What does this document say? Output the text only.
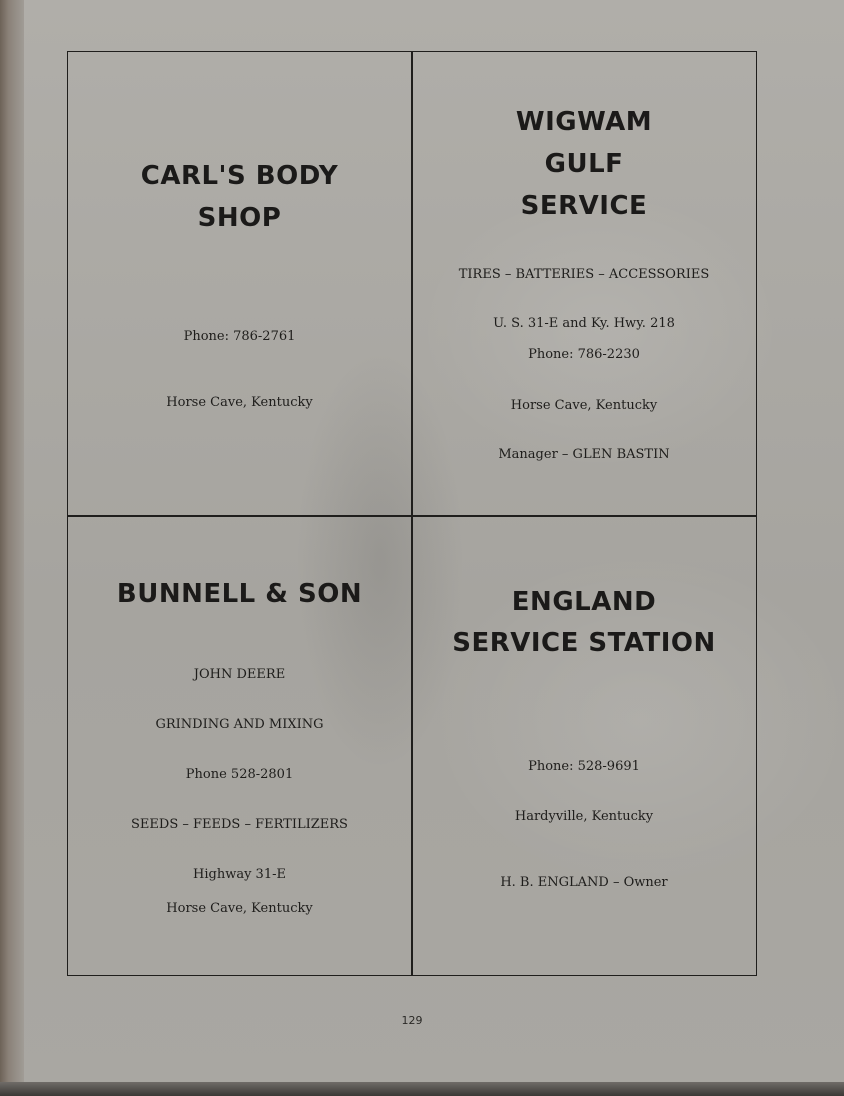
CARL'S BODY
SHOP
Phone: 786-2761
Horse Cave, Kentucky
WIGWAM
GULF
SERVICE
TIRES – BATTERIES – ACCESSORIES
U. S. 31-E and Ky. Hwy. 218
Phone: 786-2230
Horse Cave, Kentucky
Manager – GLEN BASTIN
BUNNELL & SON
JOHN DEERE
GRINDING AND MIXING
Phone 528-2801
SEEDS – FEEDS – FERTILIZERS
Highway 31-E
Horse Cave, Kentucky
ENGLAND
SERVICE STATION
Phone: 528-9691
Hardyville, Kentucky
H. B. ENGLAND – Owner
129
